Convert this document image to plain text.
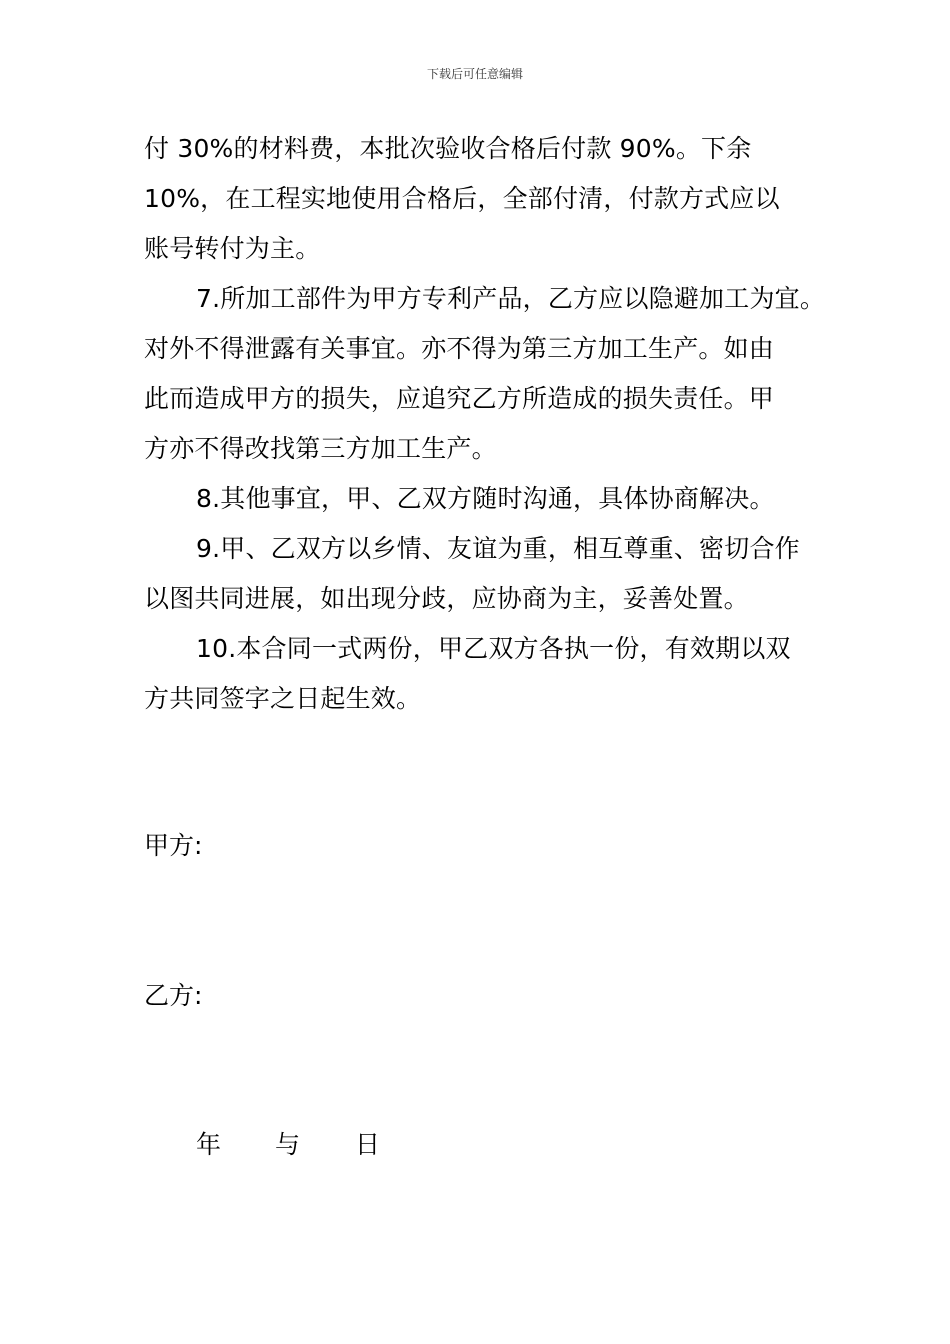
下载后可任意编辑
付 30%的材料费，本批次验收合格后付款 90%。下余
10%，在工程实地使用合格后，全部付清，付款方式应以
账号转付为主。
7.所加工部件为甲方专利产品，乙方应以隐避加工为宜。
对外不得泄露有关事宜。亦不得为第三方加工生产。如由
此而造成甲方的损失，应追究乙方所造成的损失责任。甲
方亦不得改找第三方加工生产。
8.其他事宜，甲、乙双方随时沟通，具体协商解决。
9.甲、乙双方以乡情、友谊为重，相互尊重、密切合作
以图共同进展，如出现分歧，应协商为主，妥善处置。
10.本合同一式两份，甲乙双方各执一份，有效期以双
方共同签字之日起生效。

甲方:

乙方:

年	与	日
